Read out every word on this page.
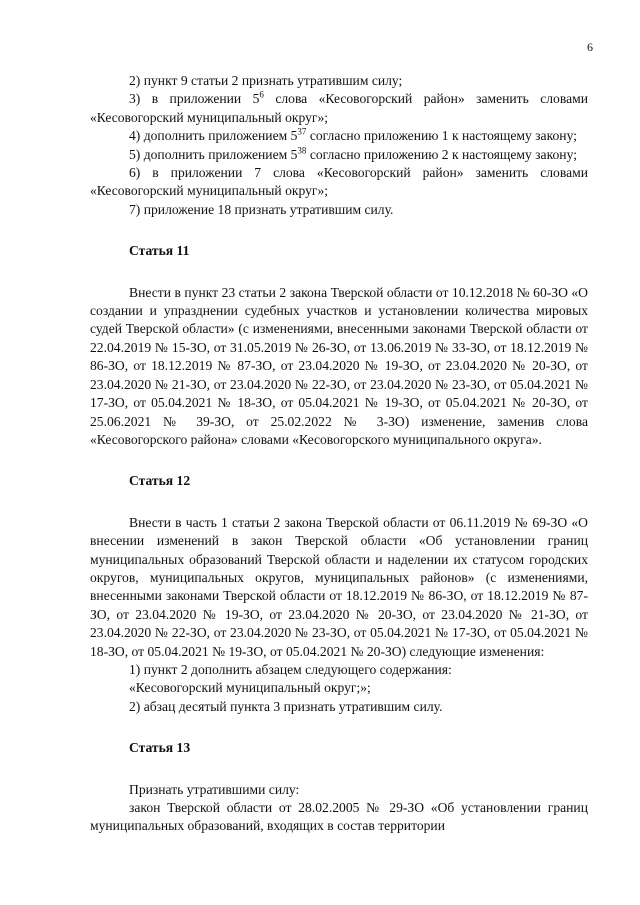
6

2) пункт 9 статьи 2 признать утратившим силу;

3) в приложении $5^6$ слова «Кесовогорский район» заменить словами «Кесовогорский муниципальный округ»;

4) дополнить приложением $5^{37}$ согласно приложению 1 к настоящему закону;

5) дополнить приложением $5^{38}$ согласно приложению 2 к настоящему закону;

6) в приложении 7 слова «Кесовогорский район» заменить словами «Кесовогорский муниципальный округ»;

7) приложение 18 признать утратившим силу.

Статья 11

Внести в пункт 23 статьи 2 закона Тверской области от 10.12.2018 № 60-ЗО «О создании и упразднении судебных участков и установлении количества мировых судей Тверской области» (с изменениями, внесенными законами Тверской области от 22.04.2019 № 15-ЗО, от 31.05.2019 № 26-ЗО, от 13.06.2019 № 33-ЗО, от 18.12.2019 № 86-ЗО, от 18.12.2019 № 87-ЗО, от 23.04.2020 № 19-ЗО, от 23.04.2020 № 20-ЗО, от 23.04.2020 № 21-ЗО, от 23.04.2020 № 22-ЗО, от 23.04.2020 № 23-ЗО, от 05.04.2021 № 17-ЗО, от 05.04.2021 № 18-ЗО, от 05.04.2021 № 19-ЗО, от 05.04.2021 № 20-ЗО, от 25.06.2021 № 39-ЗО, от 25.02.2022 № 3-ЗО) изменение, заменив слова «Кесовогорского района» словами «Кесовогорского муниципального округа».

Статья 12

Внести в часть 1 статьи 2 закона Тверской области от 06.11.2019 № 69-ЗО «О внесении изменений в закон Тверской области «Об установлении границ муниципальных образований Тверской области и наделении их статусом городских округов, муниципальных округов, муниципальных районов» (с изменениями, внесенными законами Тверской области от 18.12.2019 № 86-ЗО, от 18.12.2019 № 87-ЗО, от 23.04.2020 № 19-ЗО, от 23.04.2020 № 20-ЗО, от 23.04.2020 № 21-ЗО, от 23.04.2020 № 22-ЗО, от 23.04.2020 № 23-ЗО, от 05.04.2021 № 17-ЗО, от 05.04.2021 № 18-ЗО, от 05.04.2021 № 19-ЗО, от 05.04.2021 № 20-ЗО) следующие изменения:

1) пункт 2 дополнить абзацем следующего содержания:

«Кесовогорский муниципальный округ;»;

2) абзац десятый пункта 3 признать утратившим силу.

Статья 13

Признать утратившими силу:

закон Тверской области от 28.02.2005 № 29-ЗО «Об установлении границ муниципальных образований, входящих в состав территории
